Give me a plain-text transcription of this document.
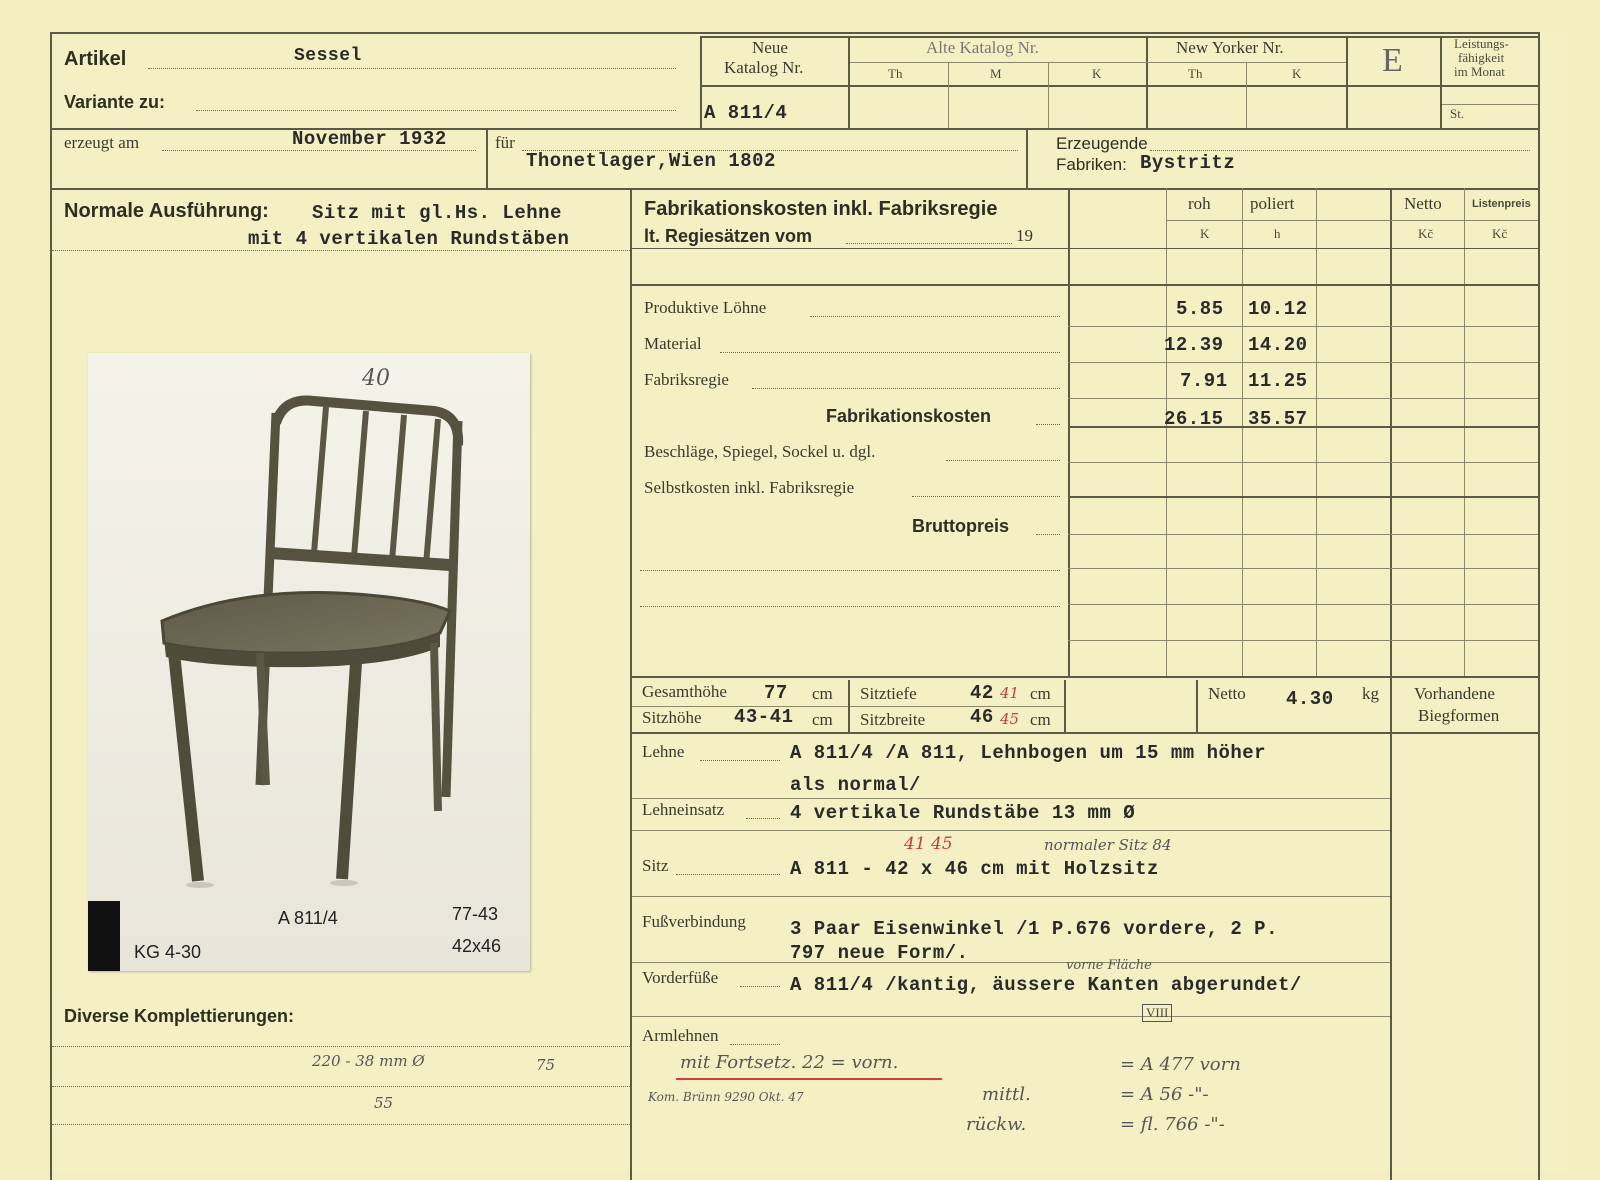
Artikel	Sessel
Variante zu:
erzeugt am	November 1932	für
Thonetlager,Wien 1802
Erzeugende
Fabriken: Bystritz
Neue
Katalog Nr.
A 811/4
Alte Katalog Nr.
Th	M	K
New Yorker Nr.
Th	K E	Leistungs-
fähigkeit
im Monat
St.
Normale Ausführung: Sitz mit gl.Hs. Lehne
mit 4 vertikalen Rundstäben
40
A 811/4	77-43
42x46
KG 4-30
Diverse Komplettierungen:
220 - 38 mm Ø	75
55
Fabrikationskosten inkl. Fabriksregie
lt. Regiesätzen vom	19
roh poliert	Netto	Listenpreis
K	h	Kč	Kč
Produktive Löhne	5.85 10.12
Material	12.39 14.20
Fabriksregie	7.91 11.25
Fabrikationskosten	26.15 35.57
Beschläge, Spiegel, Sockel u. dgl.
Selbstkosten inkl. Fabriksregie
Bruttopreis
Gesamthöhe 77 cm
Sitzhöhe 43-41 cm
Sitztiefe	42 41 cm
Sitzbreite 46 45 cm
Netto 4.30 kg Vorhandene
Biegformen
Lehne	A 811/4 /A 811, Lehnbogen um 15 mm höher
als normal/
Lehneinsatz	4 vertikale Rundstäbe 13 mm Ø
41 45	normaler Sitz 84
Sitz	A 811 - 42 x 46 cm mit Holzsitz
Fußverbindung 3 Paar Eisenwinkel /1 P.676 vordere, 2 P.
797 neue Form/.
vorne Fläche
Vorderfüße	A 811/4 /kantig, äussere Kanten abgerundet/
VIII
Armlehnen
mit Fortsetz. 22 = vorn.	= A 477 vorn
Kom. Brünn 9290 Okt. 47	mittl.	= A 56 -"-
rückw.	= fl. 766 -"-
